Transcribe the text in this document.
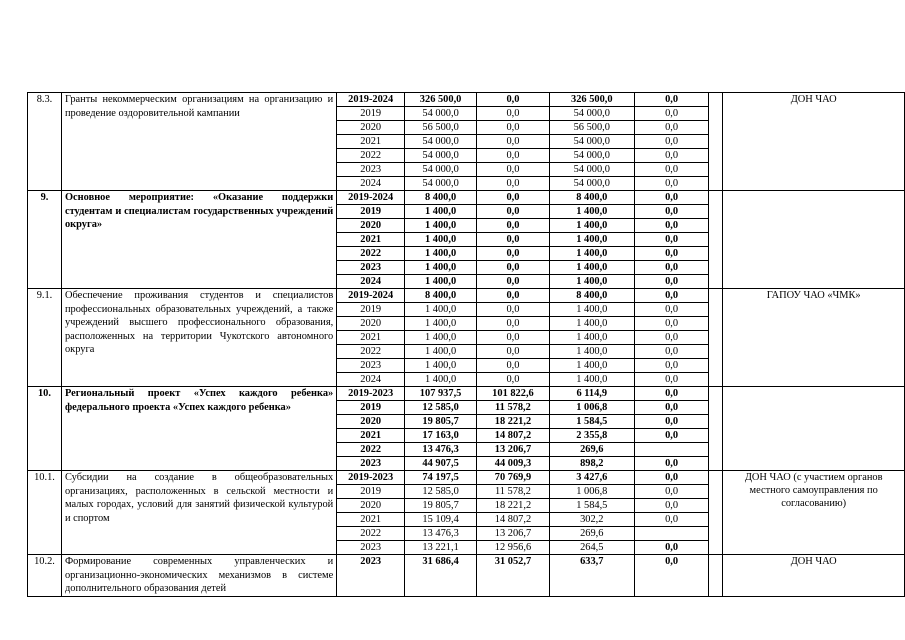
8.3.	Гранты некоммерческим организациям на организацию и проведение оздоровительной кампании	2019-2024	326 500,0	0,0	326 500,0	0,0		ДОН ЧАО
		2019	54 000,0	0,0	54 000,0	0,0		
		2020	56 500,0	0,0	56 500,0	0,0		
		2021	54 000,0	0,0	54 000,0	0,0		
		2022	54 000,0	0,0	54 000,0	0,0		
		2023	54 000,0	0,0	54 000,0	0,0		
		2024	54 000,0	0,0	54 000,0	0,0		
9.	Основное мероприятие: «Оказание поддержки студентам и специалистам государственных учреждений округа»	2019-2024	8 400,0	0,0	8 400,0	0,0		
		2019	1 400,0	0,0	1 400,0	0,0		
		2020	1 400,0	0,0	1 400,0	0,0		
		2021	1 400,0	0,0	1 400,0	0,0		
		2022	1 400,0	0,0	1 400,0	0,0		
		2023	1 400,0	0,0	1 400,0	0,0		
		2024	1 400,0	0,0	1 400,0	0,0		
9.1.	Обеспечение проживания студентов и специалистов профессиональных образовательных учреждений, а также учреждений высшего профессионального образования, расположенных на территории Чукотского автономного округа	2019-2024	8 400,0	0,0	8 400,0	0,0		ГАПОУ ЧАО «ЧМК»
		2019	1 400,0	0,0	1 400,0	0,0		
		2020	1 400,0	0,0	1 400,0	0,0		
		2021	1 400,0	0,0	1 400,0	0,0		
		2022	1 400,0	0,0	1 400,0	0,0		
		2023	1 400,0	0,0	1 400,0	0,0		
		2024	1 400,0	0,0	1 400,0	0,0		
10.	Региональный проект «Успех каждого ребенка» федерального проекта «Успех каждого ребенка»	2019-2023	107 937,5	101 822,6	6 114,9	0,0		
		2019	12 585,0	11 578,2	1 006,8	0,0		
		2020	19 805,7	18 221,2	1 584,5	0,0		
		2021	17 163,0	14 807,2	2 355,8	0,0		
		2022	13 476,3	13 206,7	269,6			
		2023	44 907,5	44 009,3	898,2	0,0		
10.1.	Субсидии на создание в общеобразовательных организациях, расположенных в сельской местности и малых городах, условий для занятий физической культурой и спортом	2019-2023	74 197,5	70 769,9	3 427,6	0,0		ДОН ЧАО (с участием органов местного самоуправления по согласованию)
		2019	12 585,0	11 578,2	1 006,8	0,0		
		2020	19 805,7	18 221,2	1 584,5	0,0		
		2021	15 109,4	14 807,2	302,2	0,0		
		2022	13 476,3	13 206,7	269,6			
		2023	13 221,1	12 956,6	264,5	0,0		
10.2.	Формирование современных управленческих и организационно-экономических механизмов в системе дополнительного образования детей	2023	31 686,4	31 052,7	633,7	0,0		ДОН ЧАО
